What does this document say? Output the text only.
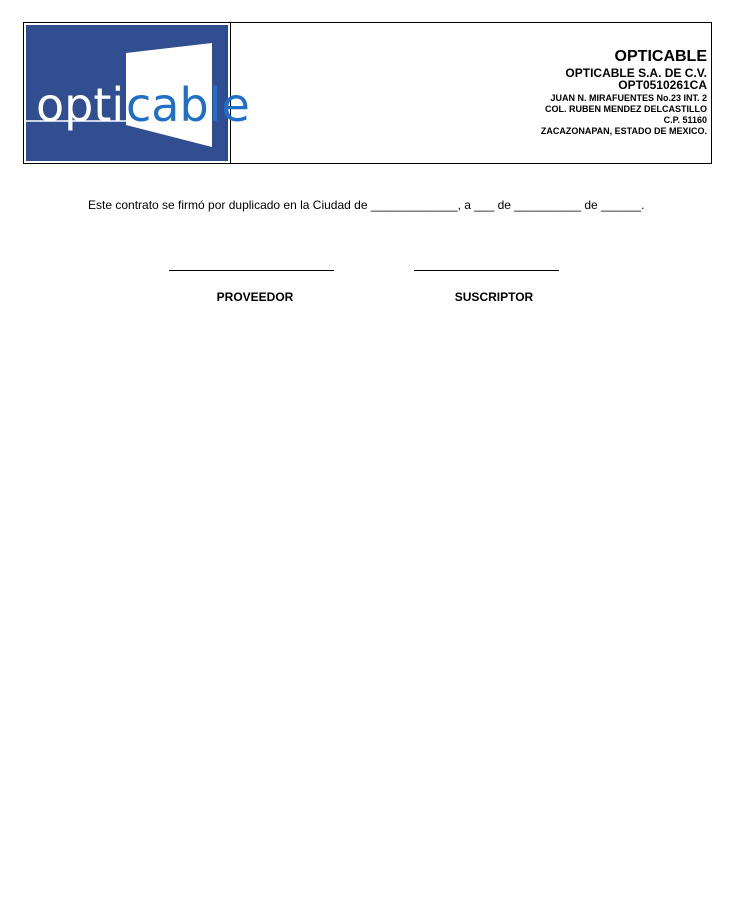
opti cable
OPTICABLE
OPTICABLE S.A. DE C.V.
OPT0510261CA
JUAN N. MIRAFUENTES No.23 INT. 2
COL. RUBEN MENDEZ DELCASTILLO
C.P. 51160
ZACAZONAPAN, ESTADO DE MEXICO.
Este contrato se firmó por duplicado en la Ciudad de _____________, a ___ de __________ de ______.
PROVEEDOR	SUSCRIPTOR
